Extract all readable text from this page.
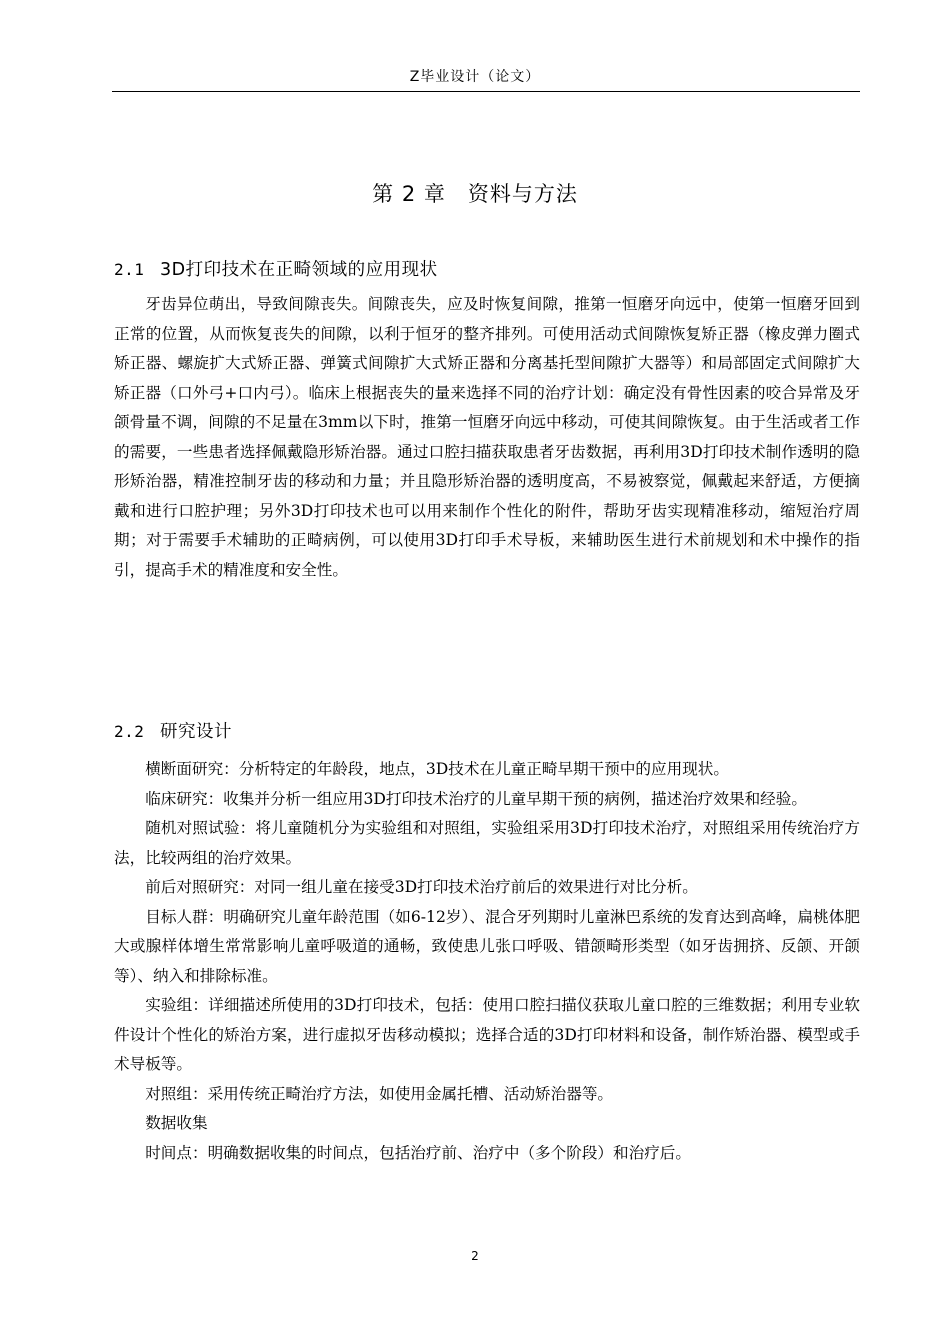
Z毕业设计（论文）
第 2 章　资料与方法
2.1 3D打印技术在正畸领域的应用现状

牙齿异位萌出，导致间隙丧失。间隙丧失，应及时恢复间隙，推第一恒磨牙向远中，使第一恒磨牙回到正常的位置，从而恢复丧失的间隙，以利于恒牙的整齐排列。可使用活动式间隙恢复矫正器（橡皮弹力圈式矫正器、螺旋扩大式矫正器、弹簧式间隙扩大式矫正器和分离基托型间隙扩大器等）和局部固定式间隙扩大矫正器（口外弓+口内弓）。临床上根据丧失的量来选择不同的治疗计划：确定没有骨性因素的咬合异常及牙颌骨量不调，间隙的不足量在3mm以下时，推第一恒磨牙向远中移动，可使其间隙恢复。由于生活或者工作的需要，一些患者选择佩戴隐形矫治器。通过口腔扫描获取患者牙齿数据，再利用3D打印技术制作透明的隐形矫治器，精准控制牙齿的移动和力量；并且隐形矫治器的透明度高，不易被察觉，佩戴起来舒适，方便摘戴和进行口腔护理；另外3D打印技术也可以用来制作个性化的附件，帮助牙齿实现精准移动，缩短治疗周期；对于需要手术辅助的正畸病例，可以使用3D打印手术导板，来辅助医生进行术前规划和术中操作的指引，提高手术的精准度和安全性。

2.2 研究设计

横断面研究：分析特定的年龄段，地点，3D技术在儿童正畸早期干预中的应用现状。

临床研究：收集并分析一组应用3D打印技术治疗的儿童早期干预的病例，描述治疗效果和经验。

随机对照试验：将儿童随机分为实验组和对照组，实验组采用3D打印技术治疗，对照组采用传统治疗方法，比较两组的治疗效果。

前后对照研究：对同一组儿童在接受3D打印技术治疗前后的效果进行对比分析。

目标人群：明确研究儿童年龄范围（如6-12岁）、混合牙列期时儿童淋巴系统的发育达到高峰，扁桃体肥大或腺样体增生常常影响儿童呼吸道的通畅，致使患儿张口呼吸、错颌畸形类型（如牙齿拥挤、反颌、开颌等）、纳入和排除标准。

实验组：详细描述所使用的3D打印技术，包括：使用口腔扫描仪获取儿童口腔的三维数据；利用专业软件设计个性化的矫治方案，进行虚拟牙齿移动模拟；选择合适的3D打印材料和设备，制作矫治器、模型或手术导板等。

对照组：采用传统正畸治疗方法，如使用金属托槽、活动矫治器等。

数据收集

时间点：明确数据收集的时间点，包括治疗前、治疗中（多个阶段）和治疗后。

2
